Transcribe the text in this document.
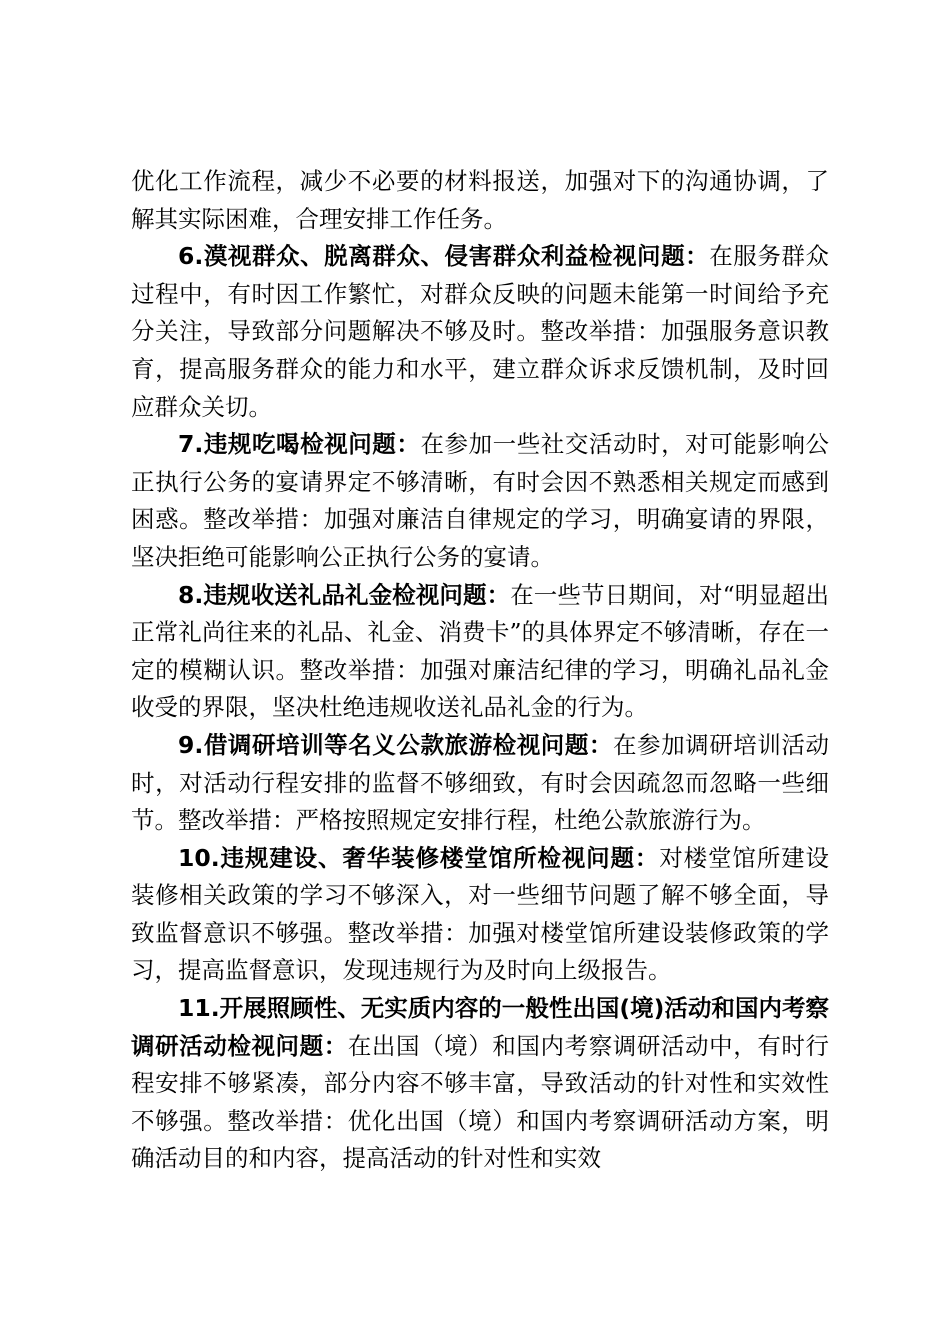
优化工作流程，减少不必要的材料报送，加强对下的沟通协调，了解其实际困难，合理安排工作任务。

6.漠视群众、脱离群众、侵害群众利益检视问题：在服务群众过程中，有时因工作繁忙，对群众反映的问题未能第一时间给予充分关注，导致部分问题解决不够及时。整改举措：加强服务意识教育，提高服务群众的能力和水平，建立群众诉求反馈机制，及时回应群众关切。

7.违规吃喝检视问题：在参加一些社交活动时，对可能影响公正执行公务的宴请界定不够清晰，有时会因不熟悉相关规定而感到困惑。整改举措：加强对廉洁自律规定的学习，明确宴请的界限，坚决拒绝可能影响公正执行公务的宴请。

8.违规收送礼品礼金检视问题：在一些节日期间，对“明显超出正常礼尚往来的礼品、礼金、消费卡”的具体界定不够清晰，存在一定的模糊认识。整改举措：加强对廉洁纪律的学习，明确礼品礼金收受的界限，坚决杜绝违规收送礼品礼金的行为。

9.借调研培训等名义公款旅游检视问题：在参加调研培训活动时，对活动行程安排的监督不够细致，有时会因疏忽而忽略一些细节。整改举措：严格按照规定安排行程，杜绝公款旅游行为。

10.违规建设、奢华装修楼堂馆所检视问题：对楼堂馆所建设装修相关政策的学习不够深入，对一些细节问题了解不够全面，导致监督意识不够强。整改举措：加强对楼堂馆所建设装修政策的学习，提高监督意识，发现违规行为及时向上级报告。

11.开展照顾性、无实质内容的一般性出国(境)活动和国内考察调研活动检视问题：在出国（境）和国内考察调研活动中，有时行程安排不够紧凑，部分内容不够丰富，导致活动的针对性和实效性不够强。整改举措：优化出国（境）和国内考察调研活动方案，明确活动目的和内容，提高活动的针对性和实效
